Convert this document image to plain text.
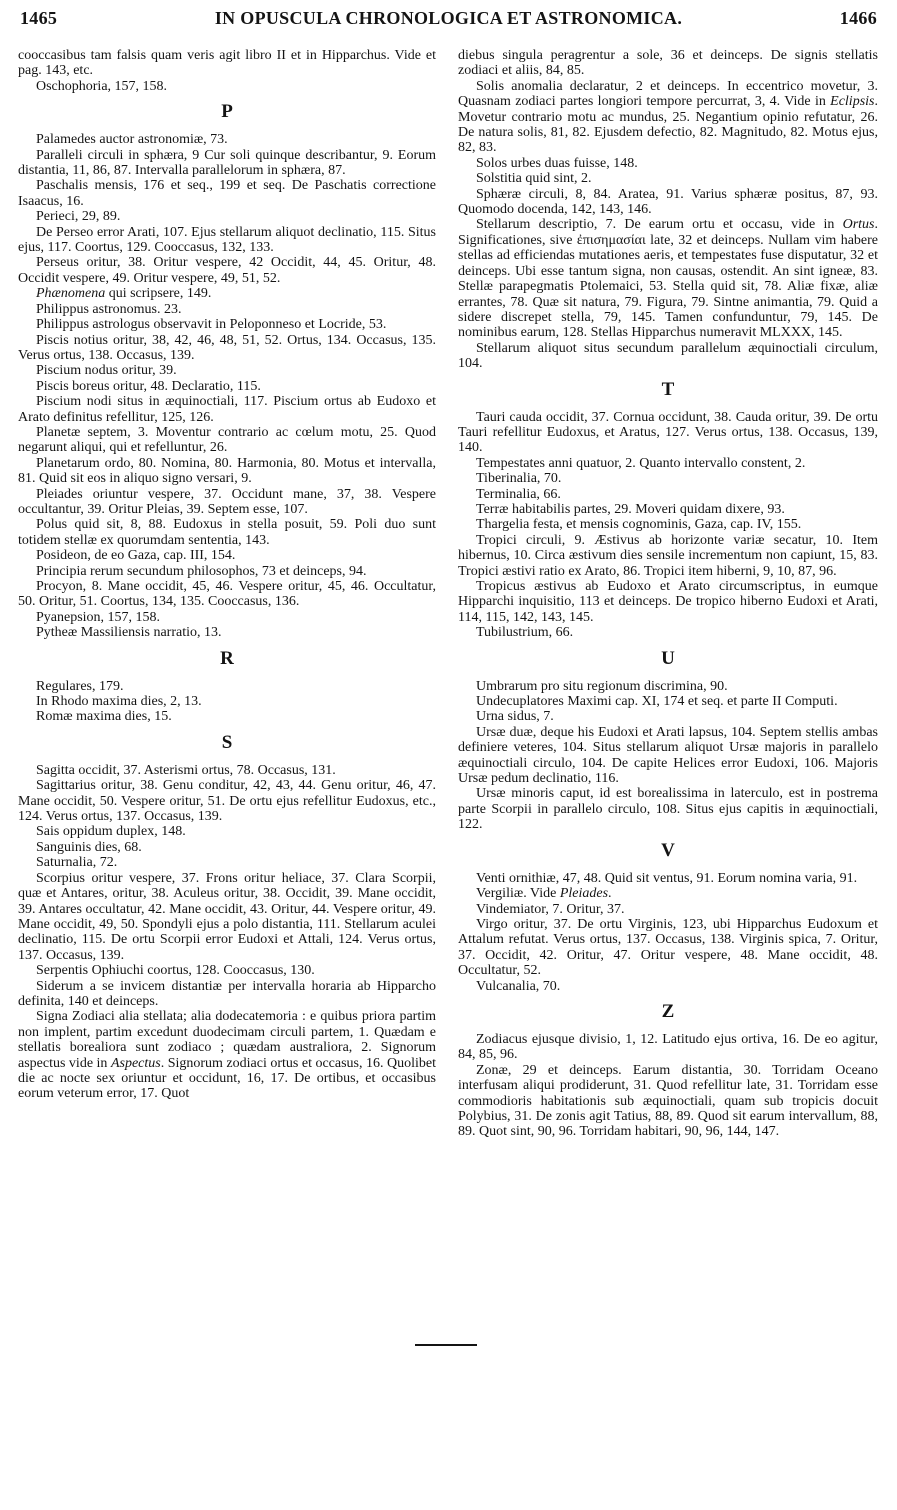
1465	IN OPUSCULA CHRONOLOGICA ET ASTRONOMICA.	1466

cooccasibus tam falsis quam veris agit libro II et in Hipparchus. Vide et pag. 143, etc.

Oschophoria, 157, 158.

P

Palamedes auctor astronomiæ, 73.

Paralleli circuli in sphæra, 9 Cur soli quinque describantur, 9. Eorum distantia, 11, 86, 87. Intervalla parallelorum in sphæra, 87.

Paschalis mensis, 176 et seq., 199 et seq. De Paschatis correctione Isaacus, 16.

Perieci, 29, 89.

De Perseo error Arati, 107. Ejus stellarum aliquot declinatio, 115. Situs ejus, 117. Coortus, 129. Cooccasus, 132, 133.

Perseus oritur, 38. Oritur vespere, 42 Occidit, 44, 45. Oritur, 48. Occidit vespere, 49. Oritur vespere, 49, 51, 52.

Phænomena qui scripsere, 149.

Philippus astronomus. 23.

Philippus astrologus observavit in Peloponneso et Locride, 53.

Piscis notius oritur, 38, 42, 46, 48, 51, 52. Ortus, 134. Occasus, 135. Verus ortus, 138. Occasus, 139.

Piscium nodus oritur, 39.

Piscis boreus oritur, 48. Declaratio, 115.

Piscium nodi situs in æquinoctiali, 117. Piscium ortus ab Eudoxo et Arato definitus refellitur, 125, 126.

Planetæ septem, 3. Moventur contrario ac cœlum motu, 25. Quod negarunt aliqui, qui et refelluntur, 26.

Planetarum ordo, 80. Nomina, 80. Harmonia, 80. Motus et intervalla, 81. Quid sit eos in aliquo signo versari, 9.

Pleiades oriuntur vespere, 37. Occidunt mane, 37, 38. Vespere occultantur, 39. Oritur Pleias, 39. Septem esse, 107.

Polus quid sit, 8, 88. Eudoxus in stella posuit, 59. Poli duo sunt totidem stellæ ex quorumdam sententia, 143.

Posideon, de eo Gaza, cap. III, 154.

Principia rerum secundum philosophos, 73 et deinceps, 94.

Procyon, 8. Mane occidit, 45, 46. Vespere oritur, 45, 46. Occultatur, 50. Oritur, 51. Coortus, 134, 135. Cooccasus, 136.

Pyanepsion, 157, 158.

Pytheæ Massiliensis narratio, 13.

R

Regulares, 179.

In Rhodo maxima dies, 2, 13.

Romæ maxima dies, 15.

S

Sagitta occidit, 37. Asterismi ortus, 78. Occasus, 131.

Sagittarius oritur, 38. Genu conditur, 42, 43, 44. Genu oritur, 46, 47. Mane occidit, 50. Vespere oritur, 51. De ortu ejus refellitur Eudoxus, etc., 124. Verus ortus, 137. Occasus, 139.

Sais oppidum duplex, 148.

Sanguinis dies, 68.

Saturnalia, 72.

Scorpius oritur vespere, 37. Frons oritur heliace, 37. Clara Scorpii, quæ et Antares, oritur, 38. Aculeus oritur, 38. Occidit, 39. Mane occidit, 39. Antares occultatur, 42. Mane occidit, 43. Oritur, 44. Vespere oritur, 49. Mane occidit, 49, 50. Spondyli ejus a polo distantia, 111. Stellarum aculei declinatio, 115. De ortu Scorpii error Eudoxi et Attali, 124. Verus ortus, 137. Occasus, 139.

Serpentis Ophiuchi coortus, 128. Cooccasus, 130.

Siderum a se invicem distantiæ per intervalla horaria ab Hipparcho definita, 140 et deinceps.

Signa Zodiaci alia stellata; alia dodecatemoria : e quibus priora partim non implent, partim excedunt duodecimam circuli partem, 1. Quædam e stellatis borealiora sunt zodiaco ; quædam australiora, 2. Signorum aspectus vide in Aspectus. Signorum zodiaci ortus et occasus, 16. Quolibet die ac nocte sex oriuntur et occidunt, 16, 17. De ortibus, et occasibus eorum veterum error, 17. Quot

diebus singula peragrentur a sole, 36 et deinceps. De signis stellatis zodiaci et aliis, 84, 85.

Solis anomalia declaratur, 2 et deinceps. In eccentrico movetur, 3. Quasnam zodiaci partes longiori tempore percurrat, 3, 4. Vide in Eclipsis. Movetur contrario motu ac mundus, 25. Negantium opinio refutatur, 26. De natura solis, 81, 82. Ejusdem defectio, 82. Magnitudo, 82. Motus ejus, 82, 83.

Solos urbes duas fuisse, 148.

Solstitia quid sint, 2.

Sphæræ circuli, 8, 84. Aratea, 91. Varius sphæræ positus, 87, 93. Quomodo docenda, 142, 143, 146.

Stellarum descriptio, 7. De earum ortu et occasu, vide in Ortus. Significationes, sive ἐπισημασίαι late, 32 et deinceps. Nullam vim habere stellas ad efficiendas mutationes aeris, et tempestates fuse disputatur, 32 et deinceps. Ubi esse tantum signa, non causas, ostendit. An sint igneæ, 83. Stellæ parapegmatis Ptolemaici, 53. Stella quid sit, 78. Aliæ fixæ, aliæ errantes, 78. Quæ sit natura, 79. Figura, 79. Sintne animantia, 79. Quid a sidere discrepet stella, 79, 145. Tamen confunduntur, 79, 145. De nominibus earum, 128. Stellas Hipparchus numeravit MLXXX, 145.

Stellarum aliquot situs secundum parallelum æquinoctiali circulum, 104.

T

Tauri cauda occidit, 37. Cornua occidunt, 38. Cauda oritur, 39. De ortu Tauri refellitur Eudoxus, et Aratus, 127. Verus ortus, 138. Occasus, 139, 140.

Tempestates anni quatuor, 2. Quanto intervallo constent, 2.

Tiberinalia, 70.

Terminalia, 66.

Terræ habitabilis partes, 29. Moveri quidam dixere, 93.

Thargelia festa, et mensis cognominis, Gaza, cap. IV, 155.

Tropici circuli, 9. Æstivus ab horizonte variæ secatur, 10. Item hibernus, 10. Circa æstivum dies sensile incrementum non capiunt, 15, 83. Tropici æstivi ratio ex Arato, 86. Tropici item hiberni, 9, 10, 87, 96.

Tropicus æstivus ab Eudoxo et Arato circumscriptus, in eumque Hipparchi inquisitio, 113 et deinceps. De tropico hiberno Eudoxi et Arati, 114, 115, 142, 143, 145.

Tubilustrium, 66.

U

Umbrarum pro situ regionum discrimina, 90.

Undecuplatores Maximi cap. XI, 174 et seq. et parte II Computi.

Urna sidus, 7.

Ursæ duæ, deque his Eudoxi et Arati lapsus, 104. Septem stellis ambas definiere veteres, 104. Situs stellarum aliquot Ursæ majoris in parallelo æquinoctiali circulo, 104. De capite Helices error Eudoxi, 106. Majoris Ursæ pedum declinatio, 116.

Ursæ minoris caput, id est borealissima in laterculo, est in postrema parte Scorpii in parallelo circulo, 108. Situs ejus capitis in æquinoctiali, 122.

V

Venti ornithiæ, 47, 48. Quid sit ventus, 91. Eorum nomina varia, 91.

Vergiliæ. Vide Pleiades.

Vindemiator, 7. Oritur, 37.

Virgo oritur, 37. De ortu Virginis, 123, ubi Hipparchus Eudoxum et Attalum refutat. Verus ortus, 137. Occasus, 138. Virginis spica, 7. Oritur, 37. Occidit, 42. Oritur, 47. Oritur vespere, 48. Mane occidit, 48. Occultatur, 52.

Vulcanalia, 70.

Z

Zodiacus ejusque divisio, 1, 12. Latitudo ejus ortiva, 16. De eo agitur, 84, 85, 96.

Zonæ, 29 et deinceps. Earum distantia, 30. Torridam Oceano interfusam aliqui prodiderunt, 31. Quod refellitur late, 31. Torridam esse commodioris habitationis sub æquinoctiali, quam sub tropicis docuit Polybius, 31. De zonis agit Tatius, 88, 89. Quod sit earum intervallum, 88, 89. Quot sint, 90, 96. Torridam habitari, 90, 96, 144, 147.
